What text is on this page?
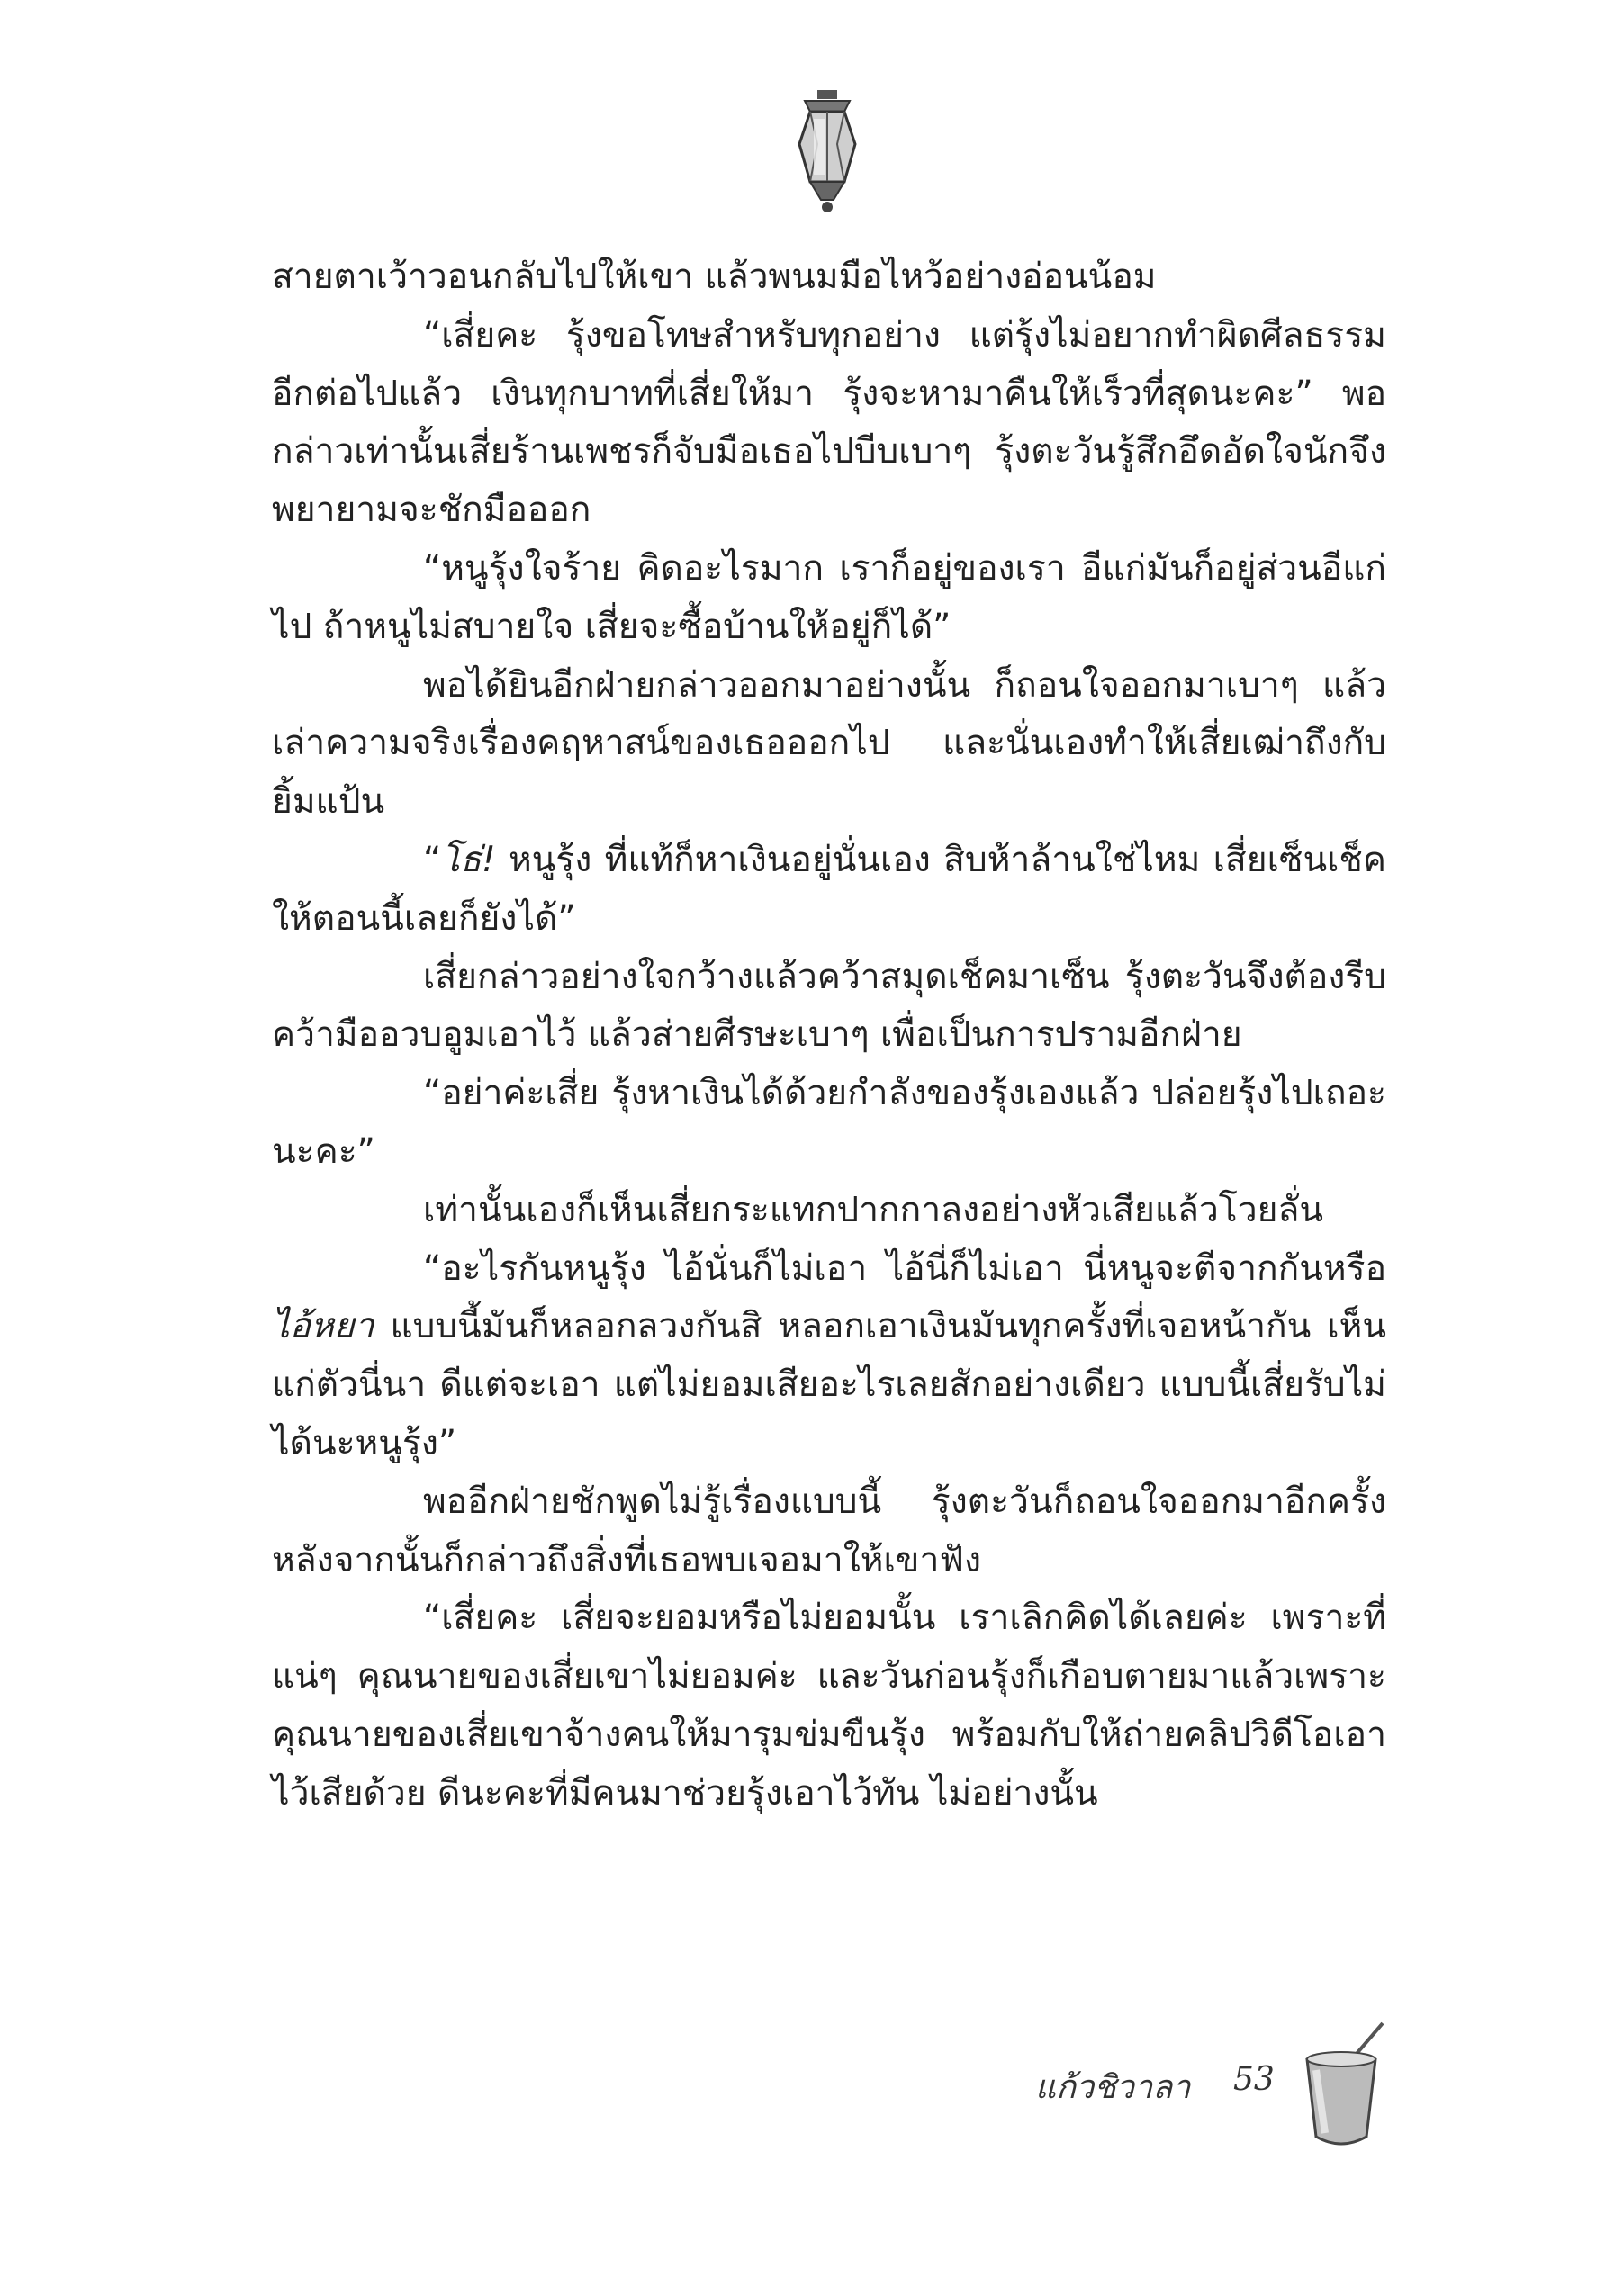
สายตาเว้าวอนกลับไปให้เขา แล้วพนมมือไหว้อย่างอ่อนน้อม

“เสี่ยคะ รุ้งขอโทษสำหรับทุกอย่าง แต่รุ้งไม่อยากทำผิดศีลธรรมอีกต่อไปแล้ว เงินทุกบาทที่เสี่ยให้มา รุ้งจะหามาคืนให้เร็วที่สุดนะคะ” พอกล่าวเท่านั้นเสี่ยร้านเพชรก็จับมือเธอไปบีบเบาๆ รุ้งตะวันรู้สึกอึดอัดใจนักจึงพยายามจะชักมือออก

“หนูรุ้งใจร้าย คิดอะไรมาก เราก็อยู่ของเรา อีแก่มันก็อยู่ส่วนอีแก่ไป ถ้าหนูไม่สบายใจ เสี่ยจะซื้อบ้านให้อยู่ก็ได้”

พอได้ยินอีกฝ่ายกล่าวออกมาอย่างนั้น ก็ถอนใจออกมาเบาๆ แล้วเล่าความจริงเรื่องคฤหาสน์ของเธอออกไป และนั่นเองทำให้เสี่ยเฒ่าถึงกับยิ้มแป้น

“โธ่! หนูรุ้ง ที่แท้ก็หาเงินอยู่นั่นเอง สิบห้าล้านใช่ไหม เสี่ยเซ็นเช็คให้ตอนนี้เลยก็ยังได้”

เสี่ยกล่าวอย่างใจกว้างแล้วคว้าสมุดเช็คมาเซ็น รุ้งตะวันจึงต้องรีบคว้ามืออวบอูมเอาไว้ แล้วส่ายศีรษะเบาๆ เพื่อเป็นการปรามอีกฝ่าย

“อย่าค่ะเสี่ย รุ้งหาเงินได้ด้วยกำลังของรุ้งเองแล้ว ปล่อยรุ้งไปเถอะนะคะ”

เท่านั้นเองก็เห็นเสี่ยกระแทกปากกาลงอย่างหัวเสียแล้วโวยลั่น

“อะไรกันหนูรุ้ง ไอ้นั่นก็ไม่เอา ไอ้นี่ก็ไม่เอา นี่หนูจะตีจากกันหรือ ไอ้หยา แบบนี้มันก็หลอกลวงกันสิ หลอกเอาเงินมันทุกครั้งที่เจอหน้ากัน เห็นแก่ตัวนี่นา ดีแต่จะเอา แต่ไม่ยอมเสียอะไรเลยสักอย่างเดียว แบบนี้เสี่ยรับไม่ได้นะหนูรุ้ง”

พออีกฝ่ายชักพูดไม่รู้เรื่องแบบนี้ รุ้งตะวันก็ถอนใจออกมาอีกครั้ง หลังจากนั้นก็กล่าวถึงสิ่งที่เธอพบเจอมาให้เขาฟัง

“เสี่ยคะ เสี่ยจะยอมหรือไม่ยอมนั้น เราเลิกคิดได้เลยค่ะ เพราะที่แน่ๆ คุณนายของเสี่ยเขาไม่ยอมค่ะ และวันก่อนรุ้งก็เกือบตายมาแล้วเพราะคุณนายของเสี่ยเขาจ้างคนให้มารุมข่มขืนรุ้ง พร้อมกับให้ถ่ายคลิปวิดีโอเอาไว้เสียด้วย ดีนะคะที่มีคนมาช่วยรุ้งเอาไว้ทัน ไม่อย่างนั้น

แก้วชิวาลา 53
